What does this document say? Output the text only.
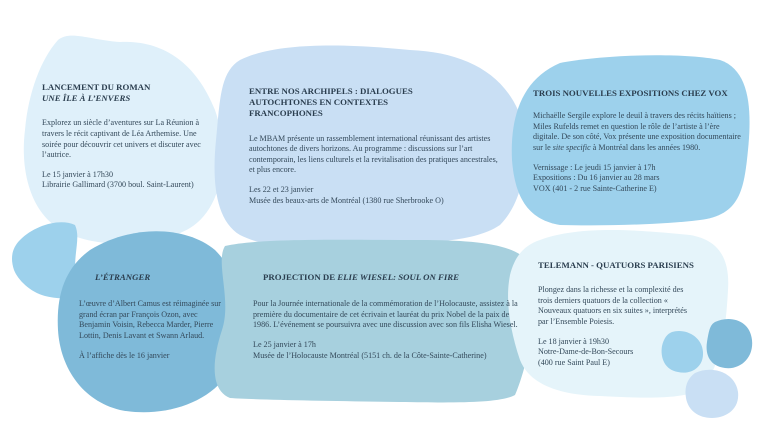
LANCEMENT DU ROMAN
UNE ÎLE À L’ENVERS

Explorez un siècle d’aventures sur La Réunion à travers le récit captivant de Léa Arthemise. Une soirée pour découvrir cet univers et discuter avec l’autrice.

Le 15 janvier à 17h30
Librairie Gallimard (3700 boul. Saint-Laurent)

ENTRE NOS ARCHIPELS : DIALOGUES AUTOCHTONES EN CONTEXTES FRANCOPHONES

Le MBAM présente un rassemblement international réunissant des artistes autochtones de divers horizons. Au programme : discussions sur l’art contemporain, les liens culturels et la revitalisation des pratiques ancestrales, et plus encore.

Les 22 et 23 janvier
Musée des beaux-arts de Montréal (1380 rue Sherbrooke O)

TROIS NOUVELLES EXPOSITIONS CHEZ VOX

Michaëlle Sergile explore le deuil à travers des récits haïtiens ; Miles Rufelds remet en question le rôle de l’artiste à l’ère digitale. De son côté, Vox présente une exposition documentaire sur le site specific à Montréal dans les années 1980.

Vernissage : Le jeudi 15 janvier à 17h
Expositions : Du 16 janvier au 28 mars
VOX (401 - 2 rue Sainte-Catherine E)

L’ÉTRANGER

L’œuvre d’Albert Camus est réimaginée sur grand écran par François Ozon, avec Benjamin Voisin, Rebecca Marder, Pierre Lottin, Denis Lavant et Swann Arlaud.

À l’affiche dès le 16 janvier

PROJECTION DE ELIE WIESEL: SOUL ON FIRE

Pour la Journée internationale de la commémoration de l’Holocauste, assistez à la première du documentaire de cet écrivain et lauréat du prix Nobel de la paix de 1986. L’événement se poursuivra avec une discussion avec son fils Elisha Wiesel.

Le 25 janvier à 17h
Musée de l’Holocauste Montréal (5151 ch. de la Côte-Sainte-Catherine)

TELEMANN - QUATUORS PARISIENS

Plongez dans la richesse et la complexité des trois derniers quatuors de la collection « Nouveaux quatuors en six suites », interprétés par l’Ensemble Poiesis.

Le 18 janvier à 19h30
Notre-Dame-de-Bon-Secours
(400 rue Saint Paul E)
